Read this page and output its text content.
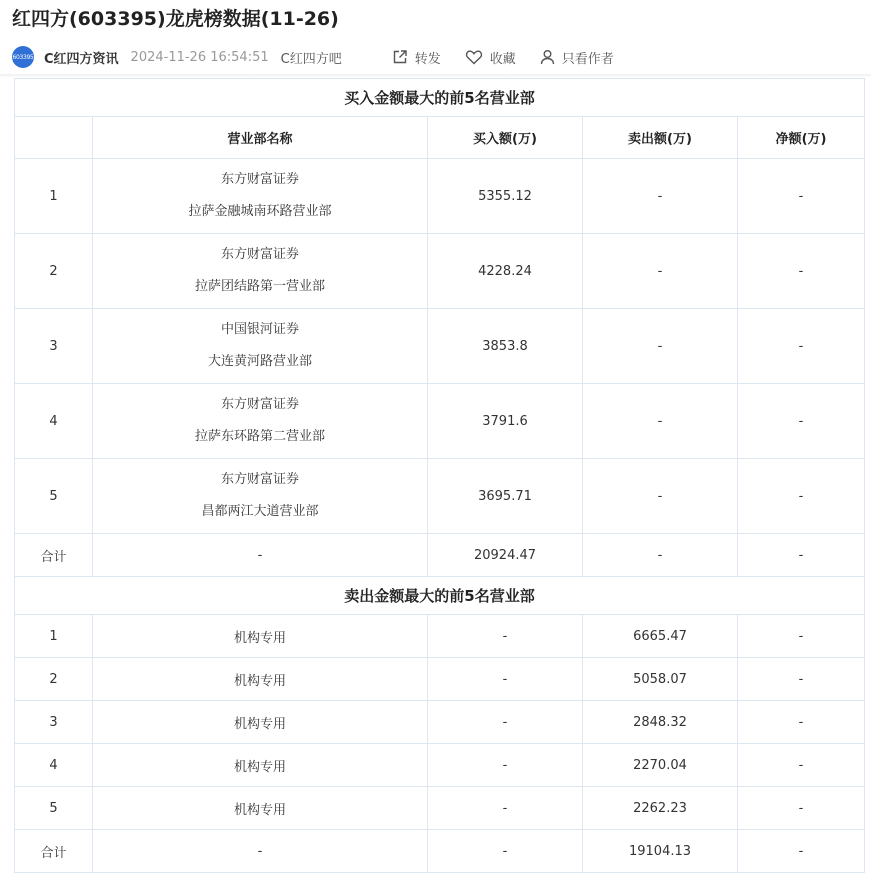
红四方(603395)龙虎榜数据(11-26)
603395 C红四方资讯 2024-11-26 16:54:51 C红四方吧	转发	收藏	只看作者
买入金额最大的前5名营业部				
	营业部名称	买入额(万)	卖出额(万)	净额(万)
1	东方财富证券
拉萨金融城南环路营业部	5355.12	-	-
2	东方财富证券
拉萨团结路第一营业部	4228.24	-	-
3	中国银河证券
大连黄河路营业部	3853.8	-	-
4	东方财富证券
拉萨东环路第二营业部	3791.6	-	-
5	东方财富证券
昌都两江大道营业部	3695.71	-	-
合计	-	20924.47	-	-
卖出金额最大的前5名营业部				
1	机构专用	-	6665.47	-
2	机构专用	-	5058.07	-
3	机构专用	-	2848.32	-
4	机构专用	-	2270.04	-
5	机构专用	-	2262.23	-
合计	-	-	19104.13	-
